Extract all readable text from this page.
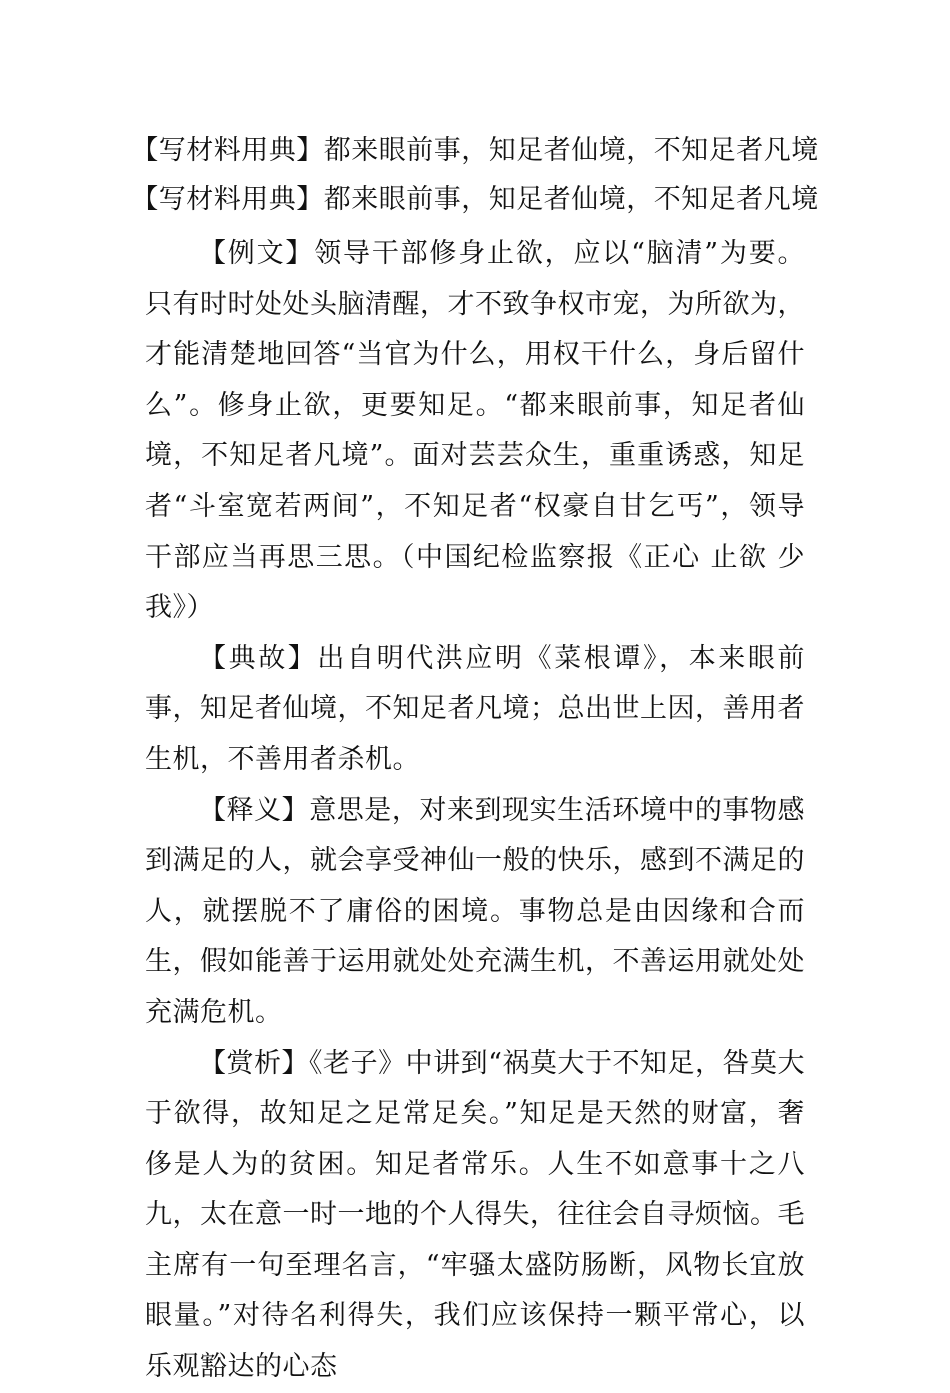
【写材料用典】都来眼前事，知足者仙境，不知足者凡境
【写材料用典】都来眼前事，知足者仙境，不知足者凡境

【例文】领导干部修身止欲，应以“脑清”为要。只有时时处处头脑清醒，才不致争权市宠，为所欲为，才能清楚地回答“当官为什么，用权干什么，身后留什么”。修身止欲，更要知足。“都来眼前事，知足者仙境，不知足者凡境”。面对芸芸众生，重重诱惑，知足者“斗室宽若两间”，不知足者“权豪自甘乞丐”，领导干部应当再思三思。（中国纪检监察报《正心 止欲 少我》）

【典故】出自明代洪应明《菜根谭》，本来眼前事，知足者仙境，不知足者凡境；总出世上因，善用者生机，不善用者杀机。

【释义】意思是，对来到现实生活环境中的事物感到满足的人，就会享受神仙一般的快乐，感到不满足的人，就摆脱不了庸俗的困境。事物总是由因缘和合而生，假如能善于运用就处处充满生机，不善运用就处处充满危机。

【赏析】《老子》中讲到“祸莫大于不知足，咎莫大于欲得，故知足之足常足矣。”知足是天然的财富，奢侈是人为的贫困。知足者常乐。人生不如意事十之八九，太在意一时一地的个人得失，往往会自寻烦恼。毛主席有一句至理名言，“牢骚太盛防肠断，风物长宜放眼量。”对待名利得失，我们应该保持一颗平常心，以乐观豁达的心态
